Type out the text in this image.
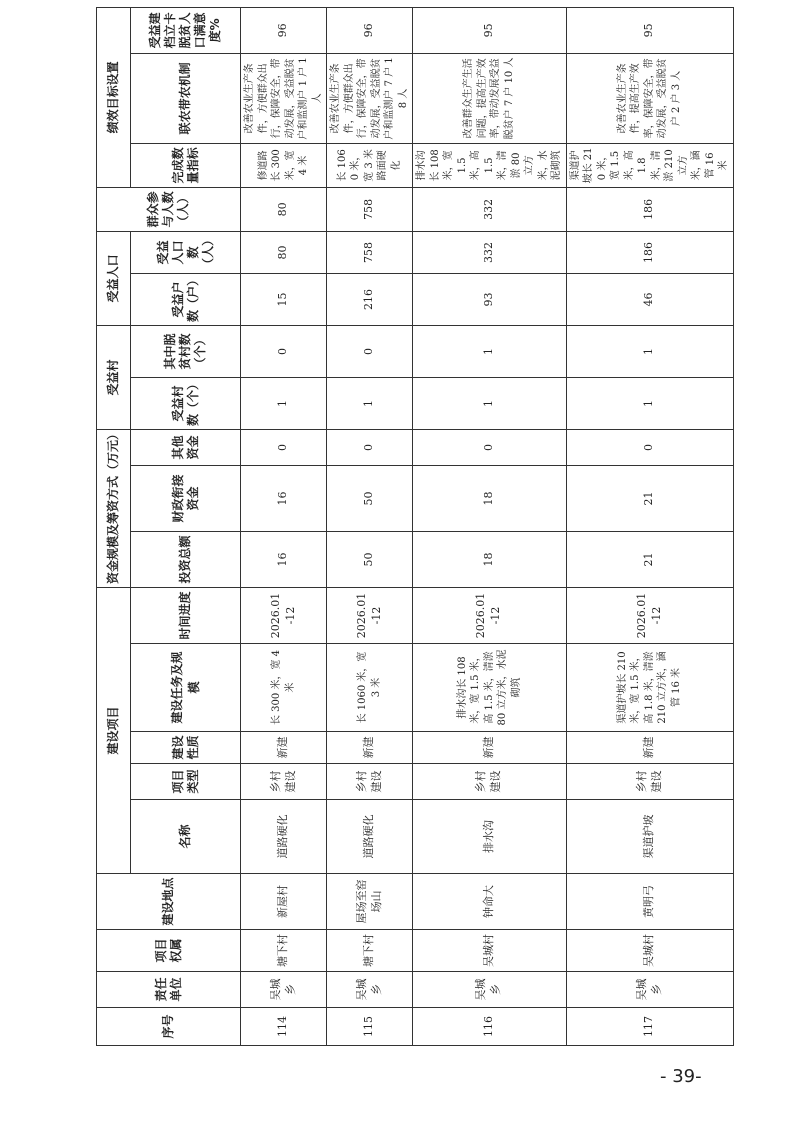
序号	责任单位	项目权属	建设地点	建设项目					资金规模及筹资方式（万元）			受益村		受益人口		群众参与人数（人）	绩效目标设置		
				名称	项目类型	建设性质	建设任务及规模	时间进度	投资总额	财政衔接资金	其他资金	受益村数（个）	其中脱贫村数（个）	受益户数（户）	受益人口数（人）		完成数量指标	联农带农机制	受益建档立卡脱贫人口满意度%
114	吴城乡	塘下村	新屋村	道路硬化	乡村建设	新建	长 300 米，宽 4 米	2026.01-12	16	16	0	1	0	15	80	80	修道路长 300 米，宽 4 米	改善农业生产条件，方便群众出行，保障安全，带动发展，受益脱贫户和监测户 1 户 1 人	96
115	吴城乡	塘下村	屋场至窑场山	道路硬化	乡村建设	新建	长 1060 米，宽 3 米	2026.01-12	50	50	0	1	0	216	758	758	长 1060 米，宽 3 米路面硬化	改善农业生产条件，方便群众出行，保障安全，带动发展，受益脱贫户和监测户 7 户 18 人	96
116	吴城乡	吴城村	钟命大	排水沟	乡村建设	新建	排水沟长 108 米，宽 1.5 米，高 1.5 米，清淤 80 立方米，水泥砌筑	2026.01-12	18	18	0	1	1	93	332	332	排水沟长 108 米，宽 1.5 米，高 1.5 米，清淤 80 立方米，水泥砌筑	改善群众生产生活问题，提高生产效率，带动发展受益脱贫户 7 户 10 人	95
117	吴城乡	吴城村	黄明弓	渠道护坡	乡村建设	新建	渠道护坡长 210 米，宽 1.5 米，高 1.8 米，清淤 210 立方米，涵管 16 米	2026.01-12	21	21	0	1	1	46	186	186	渠道护坡长 210 米，宽 1.5 米，高 1.8 米，清淤 210 立方米，涵管 16 米	改善农业生产条件，提高生产效率，保障安全，带动发展，受益脱贫户 2 户 3 人	95
- 39-
